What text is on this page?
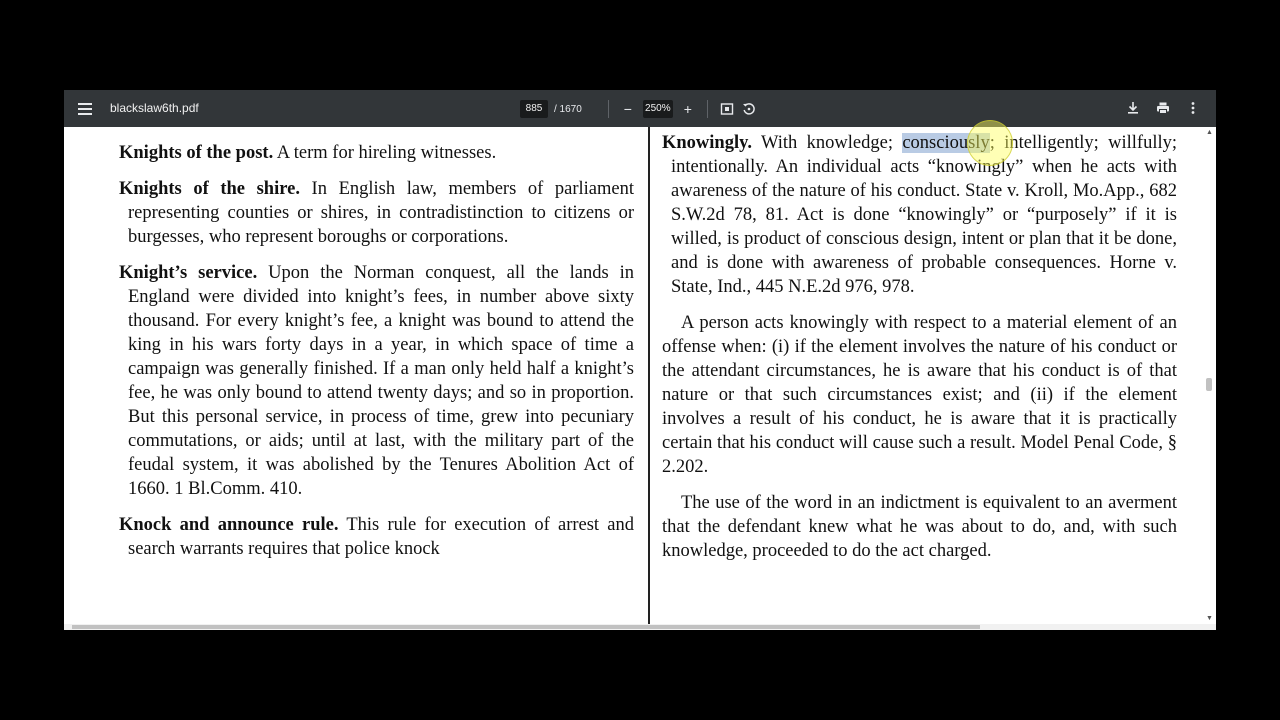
blackslaw6th.pdf	885	/ 1670	−	250% +

Knights of the post. A term for hireling witnesses.

Knights of the shire. In English law, members of parliament representing counties or shires, in contradistinction to citizens or burgesses, who represent boroughs or corporations.

Knight’s service. Upon the Norman conquest, all the lands in England were divided into knight’s fees, in number above sixty thousand. For every knight’s fee, a knight was bound to attend the king in his wars forty days in a year, in which space of time a campaign was generally finished. If a man only held half a knight’s fee, he was only bound to attend twenty days; and so in proportion. But this personal service, in process of time, grew into pecuniary commutations, or aids; until at last, with the military part of the feudal system, it was abolished by the Tenures Abolition Act of 1660. 1 Bl.Comm. 410.

Knock and announce rule. This rule for execution of arrest and search warrants requires that police knock

Knowingly. With knowledge; consciously; intelligently; willfully; intentionally. An individual acts “knowingly” when he acts with awareness of the nature of his conduct. State v. Kroll, Mo.App., 682 S.W.2d 78, 81. Act is done “knowingly” or “purposely” if it is willed, is product of conscious design, intent or plan that it be done, and is done with awareness of probable consequences. Horne v. State, Ind., 445 N.E.2d 976, 978.

A person acts knowingly with respect to a material element of an offense when: (i) if the element involves the nature of his conduct or the attendant circumstances, he is aware that his conduct is of that nature or that such circumstances exist; and (ii) if the element involves a result of his conduct, he is aware that it is practically certain that his conduct will cause such a result. Model Penal Code, § 2.202.

The use of the word in an indictment is equivalent to an averment that the defendant knew what he was about to do, and, with such knowledge, proceeded to do the act charged.

▲
▼
